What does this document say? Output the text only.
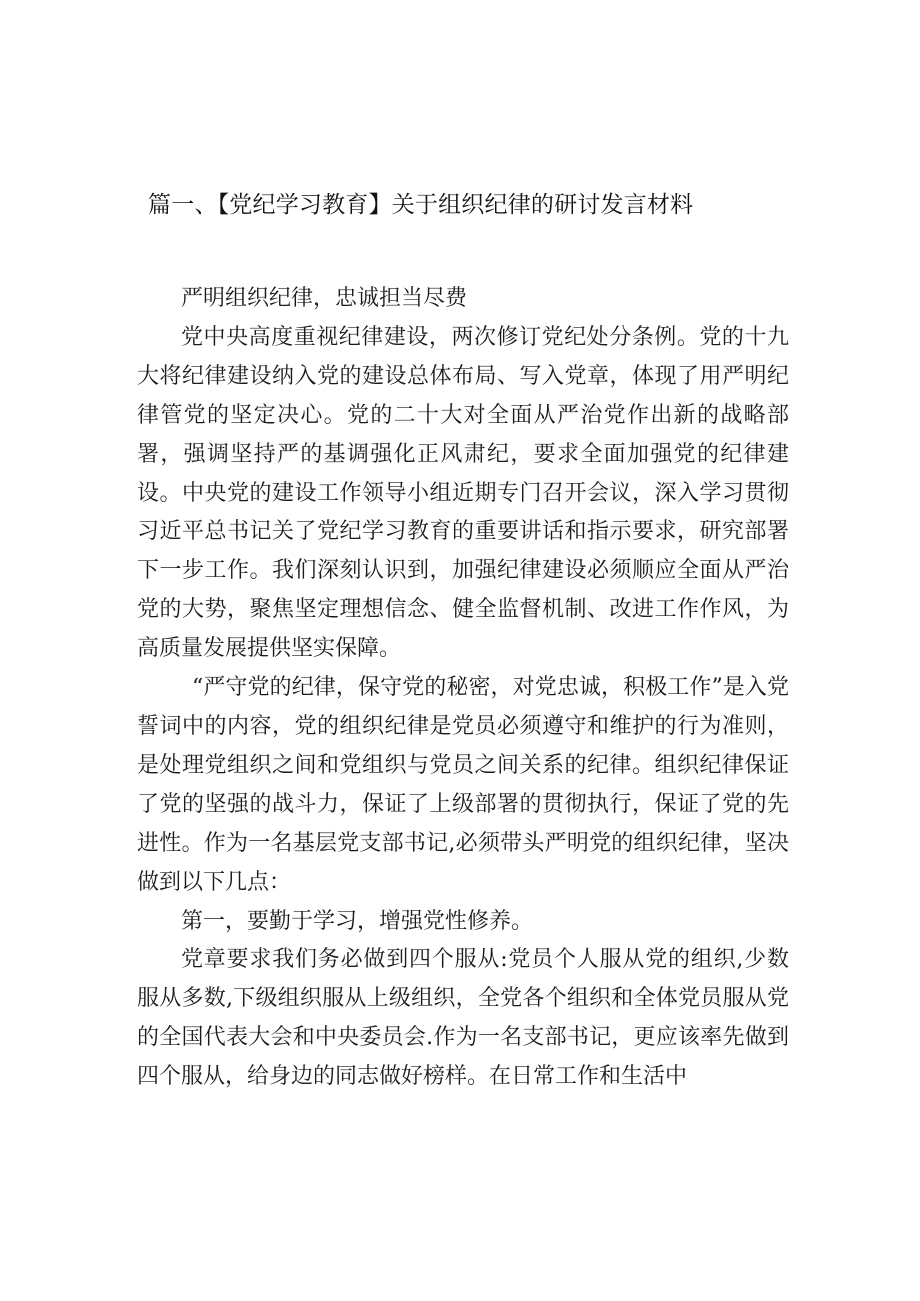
篇一、【党纪学习教育】关于组织纪律的研讨发言材料

严明组织纪律，忠诚担当尽费

党中央高度重视纪律建设，两次修订党纪处分条例。党的十九大将纪律建设纳入党的建设总体布局、写入党章，体现了用严明纪律管党的坚定决心。党的二十大对全面从严治党作出新的战略部署，强调坚持严的基调强化正风肃纪，要求全面加强党的纪律建设。中央党的建设工作领导小组近期专门召开会议，深入学习贯彻习近平总书记关了党纪学习教育的重要讲话和指示要求，研究部署下一步工作。我们深刻认识到，加强纪律建设必须顺应全面从严治党的大势，聚焦坚定理想信念、健全监督机制、改进工作作风，为高质量发展提供坚实保障。

“严守党的纪律，保守党的秘密，对党忠诚，积极工作”是入党誓词中的内容，党的组织纪律是党员必须遵守和维护的行为准则，是处理党组织之间和党组织与党员之间关系的纪律。组织纪律保证了党的坚强的战斗力，保证了上级部署的贯彻执行，保证了党的先进性。作为一名基层党支部书记,必须带头严明党的组织纪律，坚决做到以下几点：

第一，要勤于学习，增强党性修养。

党章要求我们务必做到四个服从:党员个人服从党的组织,少数服从多数,下级组织服从上级组织，全党各个组织和全体党员服从党的全国代表大会和中央委员会.作为一名支部书记，更应该率先做到四个服从，给身边的同志做好榜样。在日常工作和生活中
